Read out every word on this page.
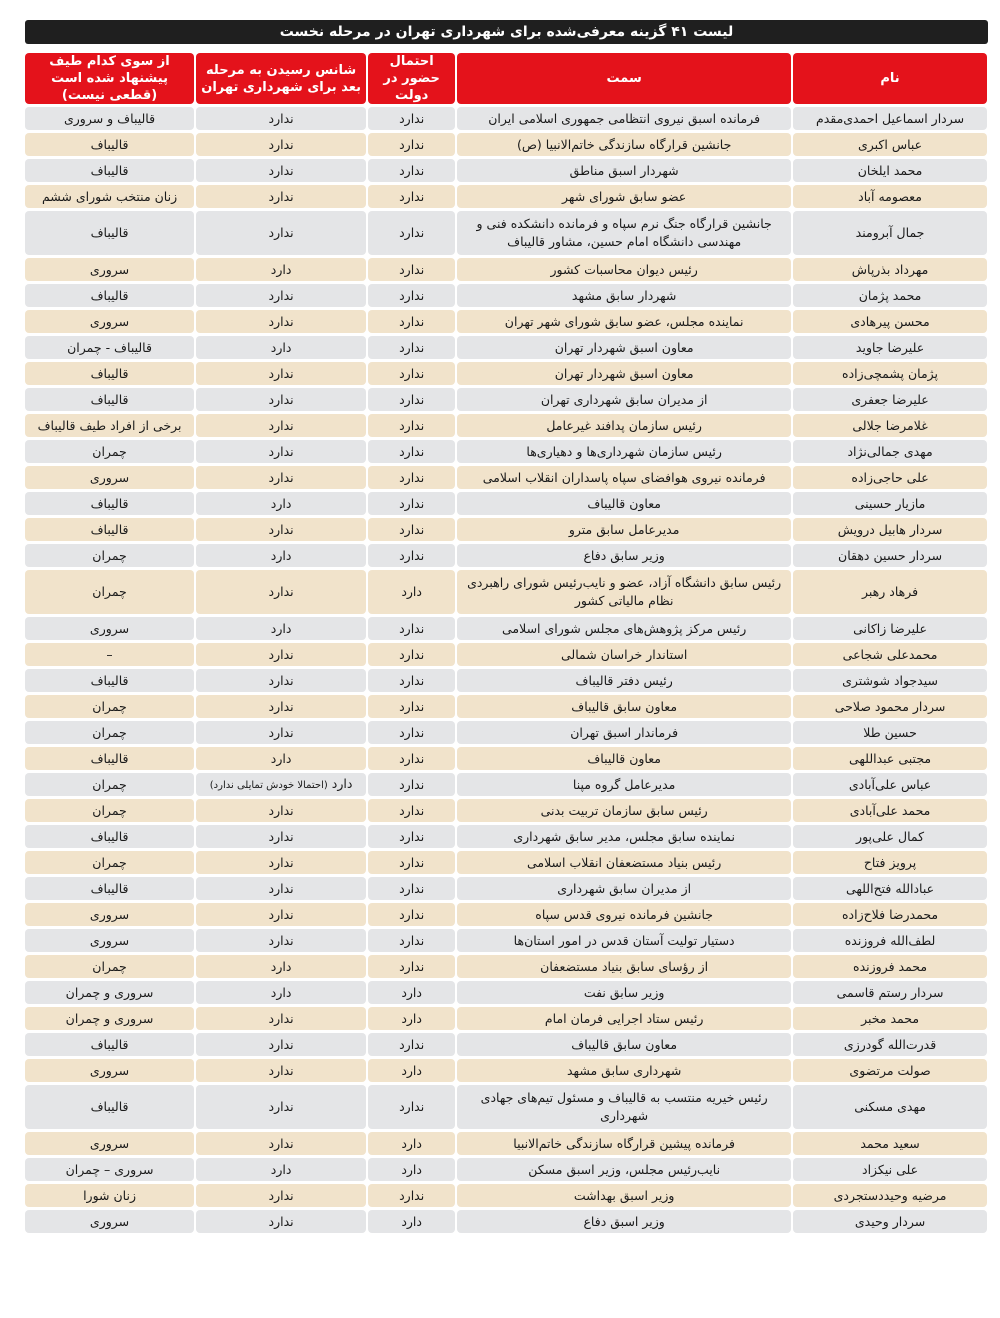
لیست ۴۱ گزینه معرفی‌شده برای شهرداری تهران در مرحله نخست
نام	سمت	احتمال حضور در دولت	شانس رسیدن به مرحله بعد برای شهرداری تهران	از سوی کدام طیف پیشنهاد شده است (قطعی نیست)
سردار اسماعیل احمدی‌مقدم	فرمانده اسبق نیروی انتظامی جمهوری اسلامی ایران	ندارد	ندارد	قالیباف و سروری
عباس اکبری	جانشین قرارگاه سازندگی خاتم‌الانبیا (ص)	ندارد	ندارد	قالیباف
محمد ایلخان	شهردار اسبق مناطق	ندارد	ندارد	قالیباف
معصومه آباد	عضو سابق شورای شهر	ندارد	ندارد	زنان منتخب شورای ششم
جمال آبرومند	جانشین قرارگاه جنگ نرم سپاه و فرمانده دانشکده فنی و مهندسی دانشگاه امام حسین، مشاور قالیباف	ندارد	ندارد	قالیباف
مهرداد بذرپاش	رئیس دیوان محاسبات کشور	ندارد	دارد	سروری
محمد پژمان	شهردار سابق مشهد	ندارد	ندارد	قالیباف
محسن پیرهادی	نماینده مجلس، عضو سابق شورای شهر تهران	ندارد	ندارد	سروری
علیرضا جاوید	معاون اسبق شهردار تهران	ندارد	دارد	قالیباف - چمران
پژمان پشمچی‌زاده	معاون اسبق شهردار تهران	ندارد	ندارد	قالیباف
علیرضا جعفری	از مدیران سابق شهرداری تهران	ندارد	ندارد	قالیباف
غلامرضا جلالی	رئیس سازمان پدافند غیرعامل	ندارد	ندارد	برخی از افراد طیف قالیباف
مهدی جمالی‌نژاد	رئیس سازمان شهرداری‌ها و دهیاری‌ها	ندارد	ندارد	چمران
علی حاجی‌زاده	فرمانده نیروی هوافضای سپاه پاسداران انقلاب اسلامی	ندارد	ندارد	سروری
مازیار حسینی	معاون قالیباف	ندارد	دارد	قالیباف
سردار هابیل درویش	مدیرعامل سابق مترو	ندارد	ندارد	قالیباف
سردار حسین دهقان	وزیر سابق دفاع	ندارد	دارد	چمران
فرهاد رهبر	رئیس سابق دانشگاه آزاد، عضو و نایب‌رئیس شورای راهبردی نظام مالیاتی کشور	دارد	ندارد	چمران
علیرضا زاکانی	رئیس مرکز پژوهش‌های مجلس شورای اسلامی	ندارد	دارد	سروری
محمدعلی شجاعی	استاندار خراسان شمالی	ندارد	ندارد	–
سیدجواد شوشتری	رئیس دفتر قالیباف	ندارد	ندارد	قالیباف
سردار محمود صلاحی	معاون سابق قالیباف	ندارد	ندارد	چمران
حسین طلا	فرماندار اسبق تهران	ندارد	ندارد	چمران
مجتبی عبداللهی	معاون قالیباف	ندارد	دارد	قالیباف
عباس علی‌آبادی	مدیرعامل گروه مپنا	ندارد	دارد (احتمالا خودش تمایلی ندارد)	چمران
محمد علی‌آبادی	رئیس سابق سازمان تربیت بدنی	ندارد	ندارد	چمران
کمال علی‌پور	نماینده سابق مجلس، مدیر سابق شهرداری	ندارد	ندارد	قالیباف
پرویز فتاح	رئیس بنیاد مستضعفان انقلاب اسلامی	ندارد	ندارد	چمران
عبادالله فتح‌اللهی	از مدیران سابق شهرداری	ندارد	ندارد	قالیباف
محمدرضا فلاح‌زاده	جانشین فرمانده نیروی قدس سپاه	ندارد	ندارد	سروری
لطف‌الله فروزنده	دستیار تولیت آستان قدس در امور استان‌ها	ندارد	ندارد	سروری
محمد فروزنده	از رؤسای سابق بنیاد مستضعفان	ندارد	دارد	چمران
سردار رستم قاسمی	وزیر سابق نفت	دارد	دارد	سروری و چمران
محمد مخبر	رئیس ستاد اجرایی فرمان امام	دارد	ندارد	سروری و چمران
قدرت‌الله گودرزی	معاون سابق قالیباف	ندارد	ندارد	قالیباف
صولت مرتضوی	شهرداری سابق مشهد	دارد	ندارد	سروری
مهدی مسکنی	رئیس خیریه منتسب به قالیباف و مسئول تیم‌های جهادی شهرداری	ندارد	ندارد	قالیباف
سعید محمد	فرمانده پیشین قرارگاه سازندگی خاتم‌الانبیا	دارد	ندارد	سروری
علی نیکزاد	نایب‌رئیس مجلس، وزیر اسبق مسکن	دارد	دارد	سروری – چمران
مرضیه وحیددستجردی	وزیر اسبق بهداشت	ندارد	ندارد	زنان شورا
سردار وحیدی	وزیر اسبق دفاع	دارد	ندارد	سروری
